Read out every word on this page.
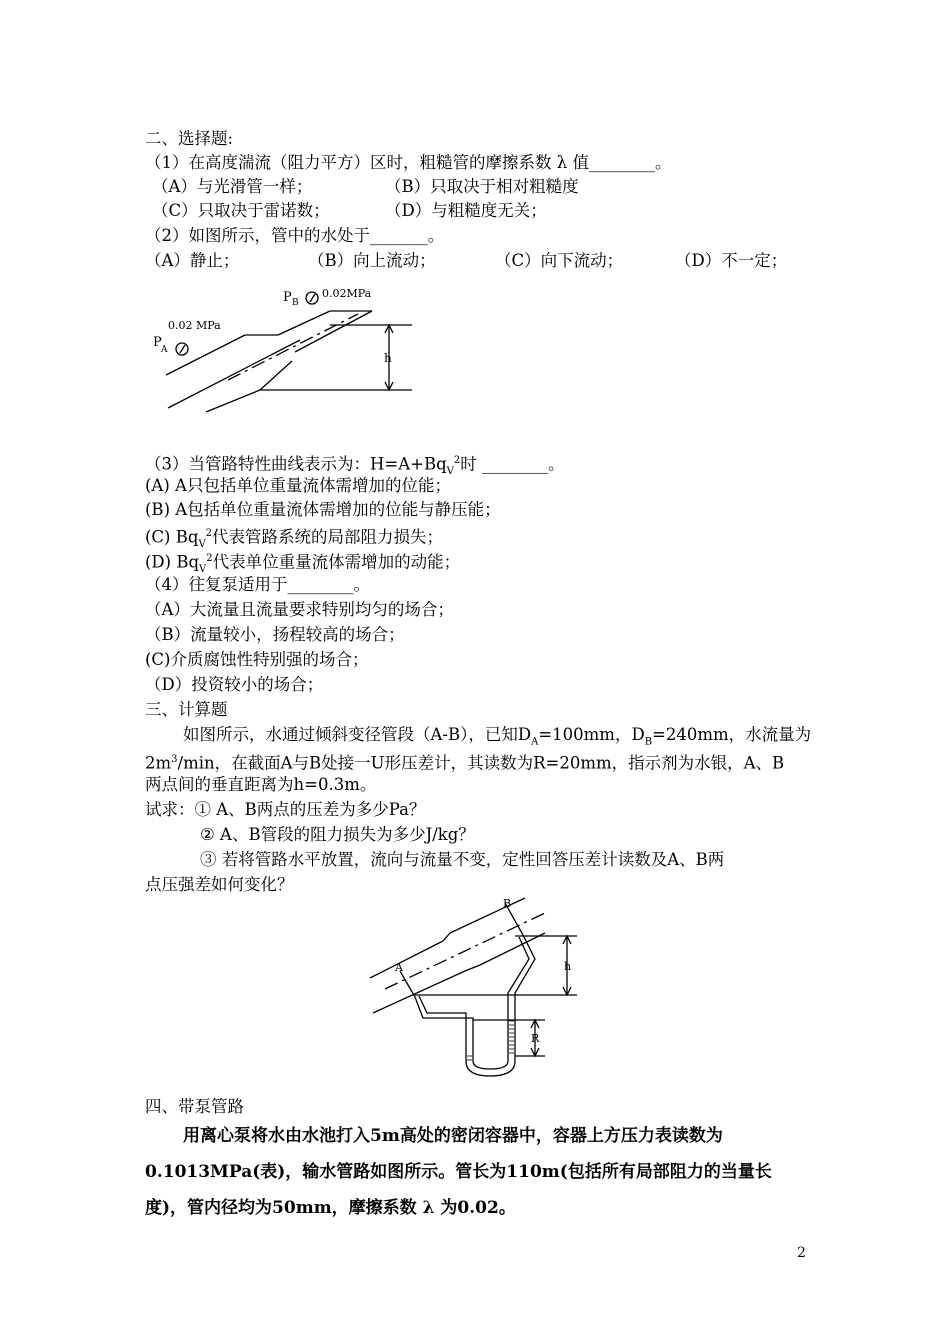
二、选择题:
（1）在高度湍流（阻力平方）区时，粗糙管的摩擦系数 λ 值________。
（A）与光滑管一样；	（B）只取决于相对粗糙度
（C）只取决于雷诺数；	（D）与粗糙度无关；
（2）如图所示，管中的水处于_______。
（A）静止；	（B）向上流动；	（C）向下流动；	（D）不一定；
P B
0.02MPa
0.02 MPa
P A
h
（3）当管路特性曲线表示为：$H=A+Bq_V^2$时 ________。
(A) A只包括单位重量流体需增加的位能；
(B) A包括单位重量流体需增加的位能与静压能；
(C) $Bq_V^2$代表管路系统的局部阻力损失；
(D) $Bq_V^2$代表单位重量流体需增加的动能；
（4）往复泵适用于________。
（A）大流量且流量要求特别均匀的场合；
（B）流量较小，扬程较高的场合；
(C)介质腐蚀性特别强的场合；
（D）投资较小的场合；
三、计算题
如图所示，水通过倾斜变径管段（A-B），已知$D_A=100mm$，$D_B=240mm$，水流量为
$2m^3/\min$，在截面A与B处接一U形压差计，其读数为R=20mm，指示剂为水银，A、B
两点间的垂直距离为h=0.3m。
试求：① A、B两点的压差为多少Pa？
② A、B管段的阻力损失为多少J/kg？
③ 若将管路水平放置，流向与流量不变，定性回答压差计读数及A、B两
点压强差如何变化？
A
B
h
R
四、带泵管路
用离心泵将水由水池打入5m高处的密闭容器中，容器上方压力表读数为
0.1013MPa(表)，输水管路如图所示。管长为110m(包括所有局部阻力的当量长
度)，管内径均为50mm，摩擦系数 λ 为0.02。
2
